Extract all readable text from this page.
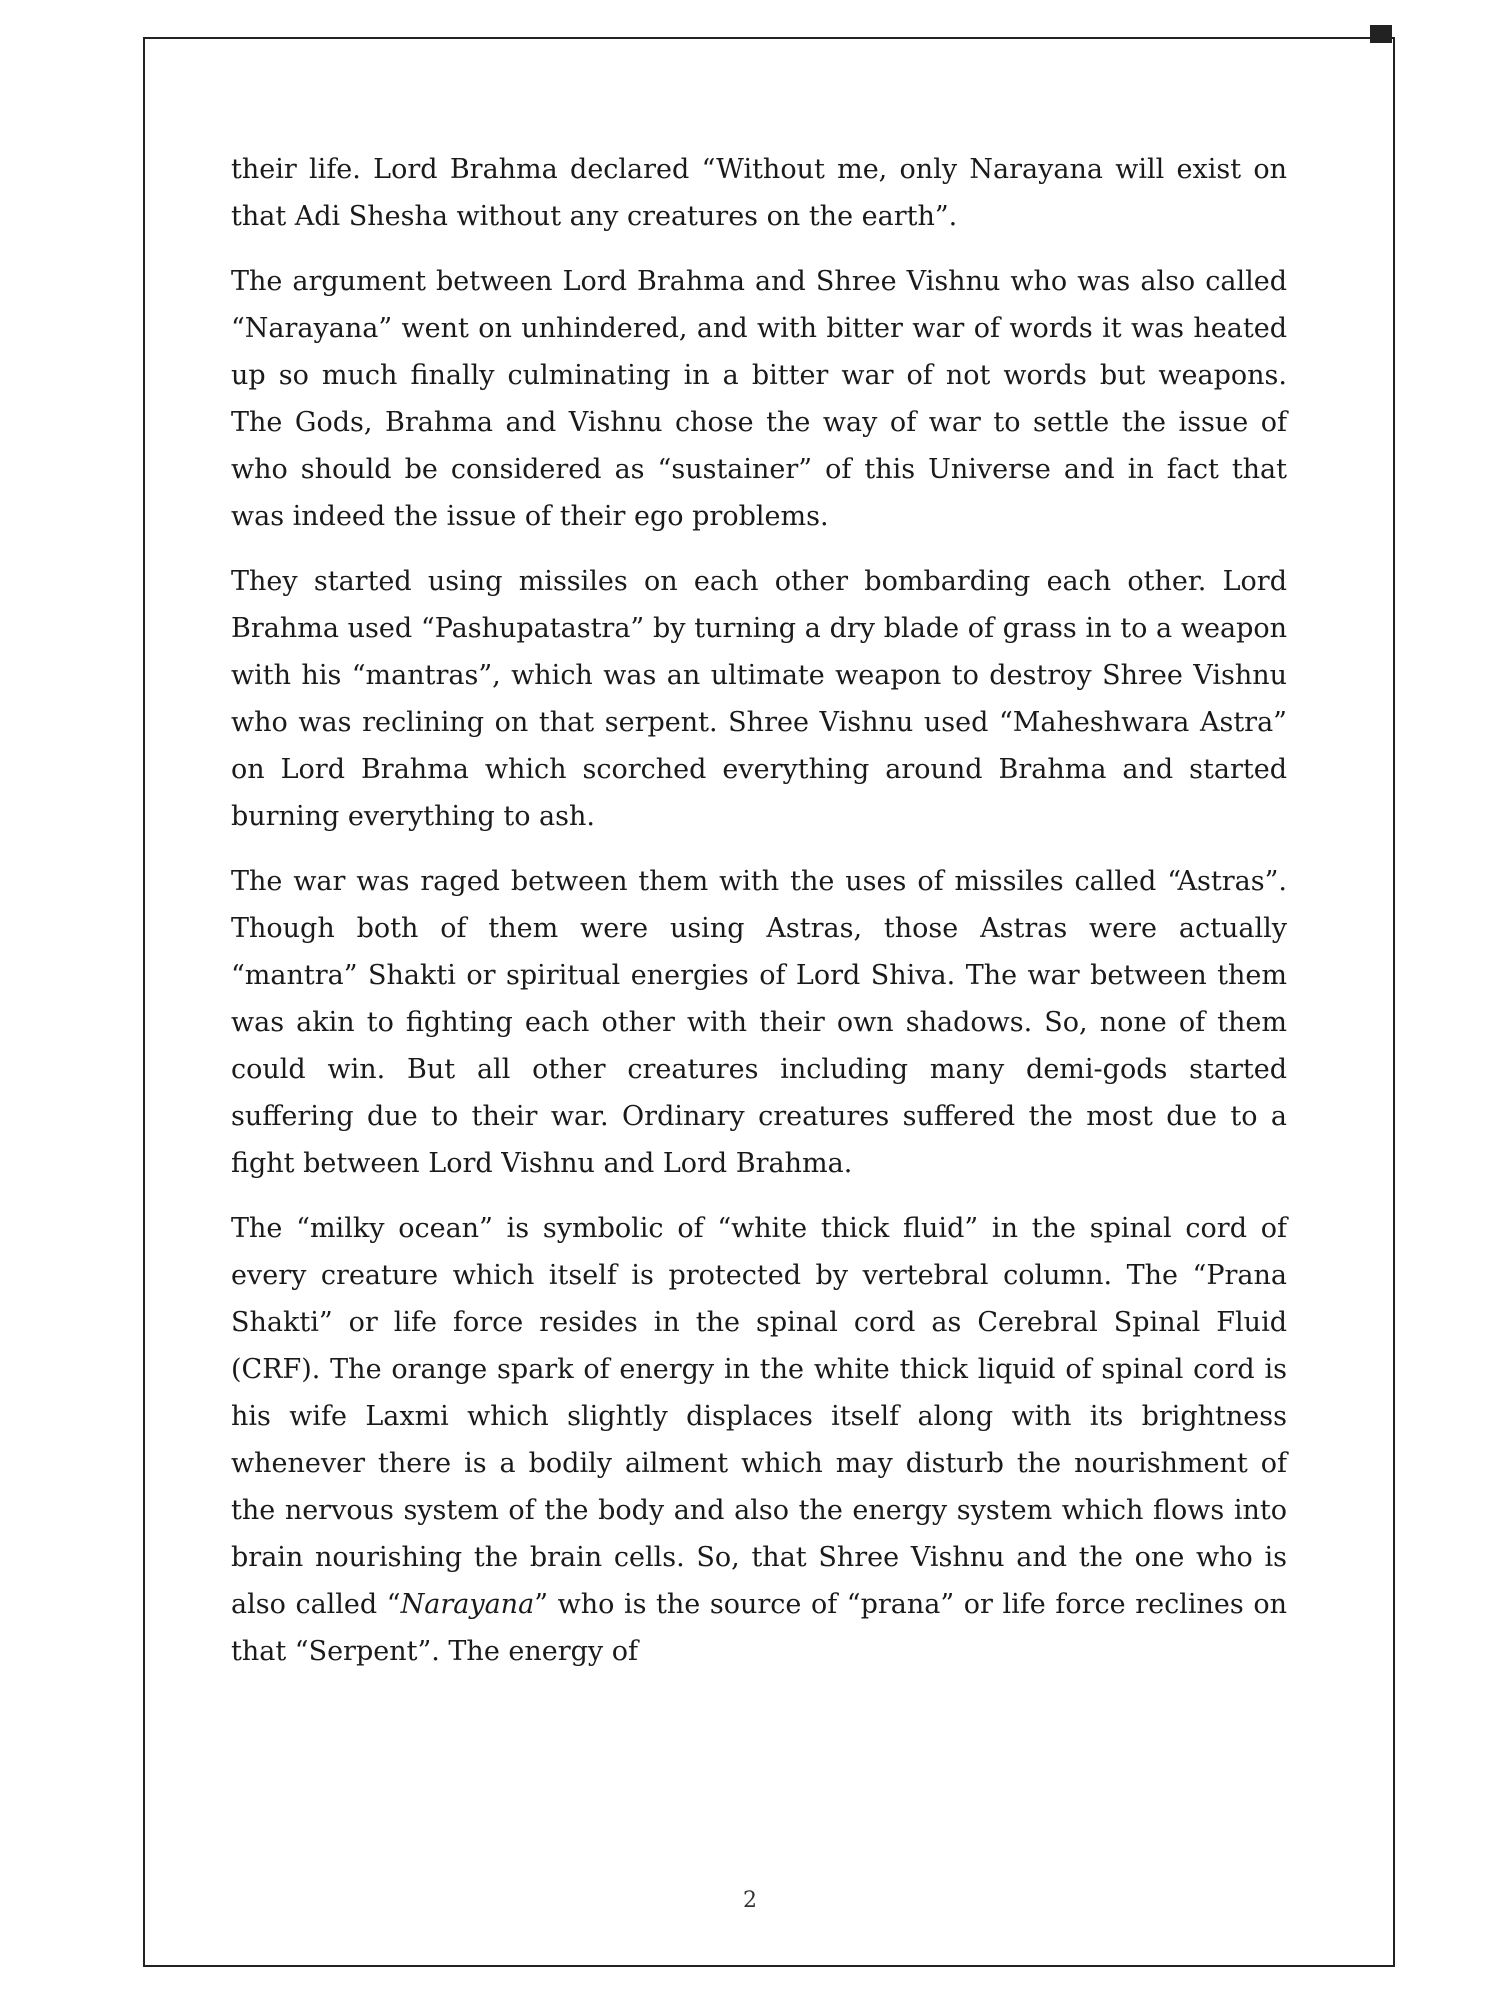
their life. Lord Brahma declared “Without me, only Narayana will exist on that Adi Shesha without any creatures on the earth”.

The argument between Lord Brahma and Shree Vishnu who was also called “Narayana” went on unhindered, and with bitter war of words it was heated up so much finally culminating in a bitter war of not words but weapons. The Gods, Brahma and Vishnu chose the way of war to settle the issue of who should be considered as “sustainer” of this Universe and in fact that was indeed the issue of their ego problems.

They started using missiles on each other bombarding each other. Lord Brahma used “Pashupatastra” by turning a dry blade of grass in to a weapon with his “mantras”, which was an ultimate weapon to destroy Shree Vishnu who was reclining on that serpent. Shree Vishnu used “Maheshwara Astra” on Lord Brahma which scorched everything around Brahma and started burning everything to ash.

The war was raged between them with the uses of missiles called “Astras”. Though both of them were using Astras, those Astras were actually “mantra” Shakti or spiritual energies of Lord Shiva. The war between them was akin to fighting each other with their own shadows. So, none of them could win. But all other creatures including many demi-gods started suffering due to their war. Ordinary creatures suffered the most due to a fight between Lord Vishnu and Lord Brahma.

The “milky ocean” is symbolic of “white thick fluid” in the spinal cord of every creature which itself is protected by vertebral column. The “Prana Shakti” or life force resides in the spinal cord as Cerebral Spinal Fluid (CRF). The orange spark of energy in the white thick liquid of spinal cord is his wife Laxmi which slightly displaces itself along with its brightness whenever there is a bodily ailment which may disturb the nourishment of the nervous system of the body and also the energy system which flows into brain nourishing the brain cells. So, that Shree Vishnu and the one who is also called “Narayana” who is the source of “prana” or life force reclines on that “Serpent”. The energy of

2
